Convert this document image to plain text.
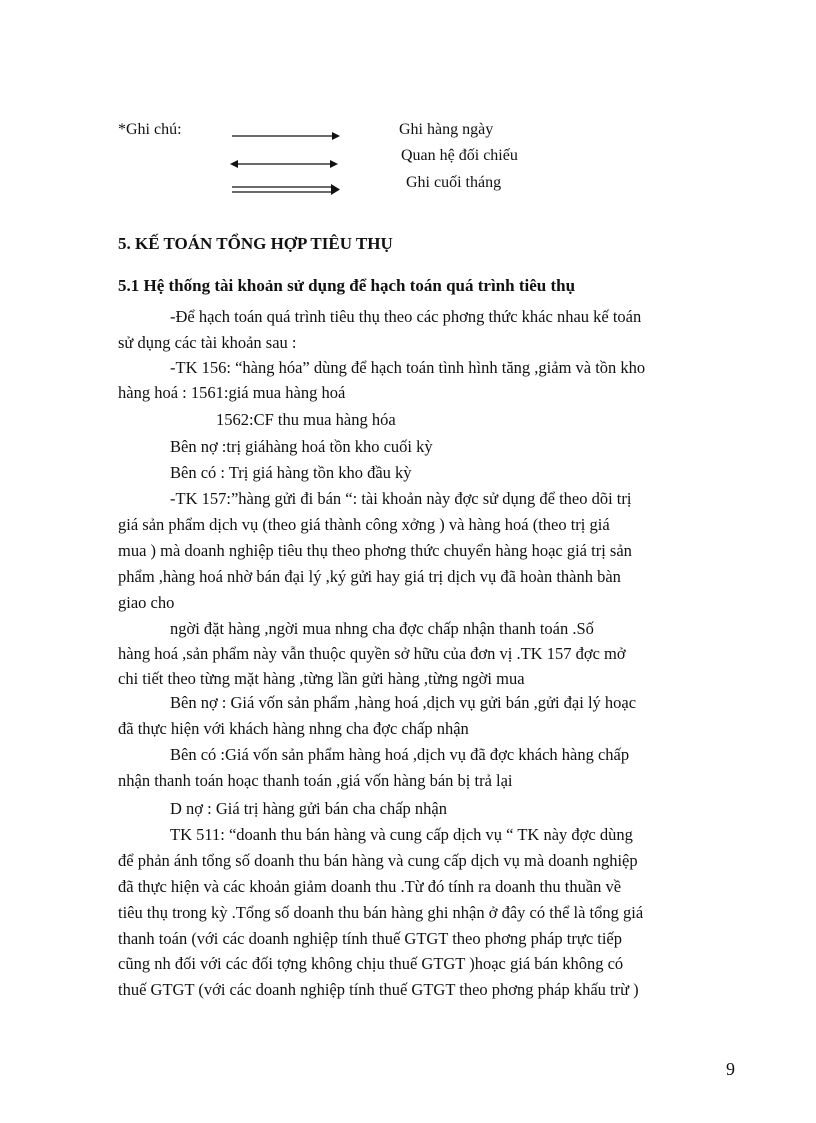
*Ghi chú:	Ghi hàng ngày
Quan hệ đối chiếu
Ghi cuối tháng
5. KẾ TOÁN TỔNG HỢP TIÊU THỤ
5.1 Hệ thống tài khoản sử dụng để hạch toán quá trình tiêu thụ
-Để hạch toán quá trình tiêu thụ theo các phơng thức khác nhau kế toán
sử dụng các tài khoản sau :
-TK 156: “hàng hóa” dùng để hạch toán tình hình tăng ,giảm và tồn kho
hàng hoá : 1561:giá mua hàng hoá
1562:CF thu mua hàng hóa
Bên nợ :trị giáhàng hoá tồn kho cuối kỳ
Bên có : Trị giá hàng tồn kho đầu kỳ
-TK 157:”hàng gửi đi bán “: tài khoản này đợc sử dụng để theo dõi trị
giá sản phẩm dịch vụ (theo giá thành công xởng ) và hàng hoá (theo trị giá
mua ) mà doanh nghiệp tiêu thụ theo phơng thức chuyển hàng hoạc giá trị sản
phẩm ,hàng hoá nhờ bán đại lý ,ký gửi hay giá trị dịch vụ đã hoàn thành bàn
giao cho
ngời đặt hàng ,ngời mua nhng cha đợc chấp nhận thanh toán .Số
hàng hoá ,sản phẩm này vẫn thuộc quyền sở hữu của đơn vị .TK 157 đợc mở
chi tiết theo từng mặt hàng ,từng lần gửi hàng ,từng ngời mua
Bên nợ : Giá vốn sản phẩm ,hàng hoá ,dịch vụ gửi bán ,gửi đại lý hoạc
đã thực hiện với khách hàng nhng cha đợc chấp nhận
Bên có :Giá vốn sản phẩm hàng hoá ,dịch vụ đã đợc khách hàng chấp
nhận thanh toán hoạc thanh toán ,giá vốn hàng bán bị trả lại
D nợ : Giá trị hàng gửi bán cha chấp nhận
TK 511: “doanh thu bán hàng và cung cấp dịch vụ “ TK này đợc dùng
để phản ánh tổng số doanh thu bán hàng và cung cấp dịch vụ mà doanh nghiệp
đã thực hiện và các khoản giảm doanh thu .Từ đó tính ra doanh thu thuần về
tiêu thụ trong kỳ .Tổng số doanh thu bán hàng ghi nhận ở đây có thể là tổng giá
thanh toán (với các doanh nghiệp tính thuế GTGT theo phơng pháp trực tiếp
cũng nh đối với các đối tợng không chịu thuế GTGT )hoạc giá bán không có
thuế GTGT (với các doanh nghiệp tính thuế GTGT theo phơng pháp khấu trừ )
9
